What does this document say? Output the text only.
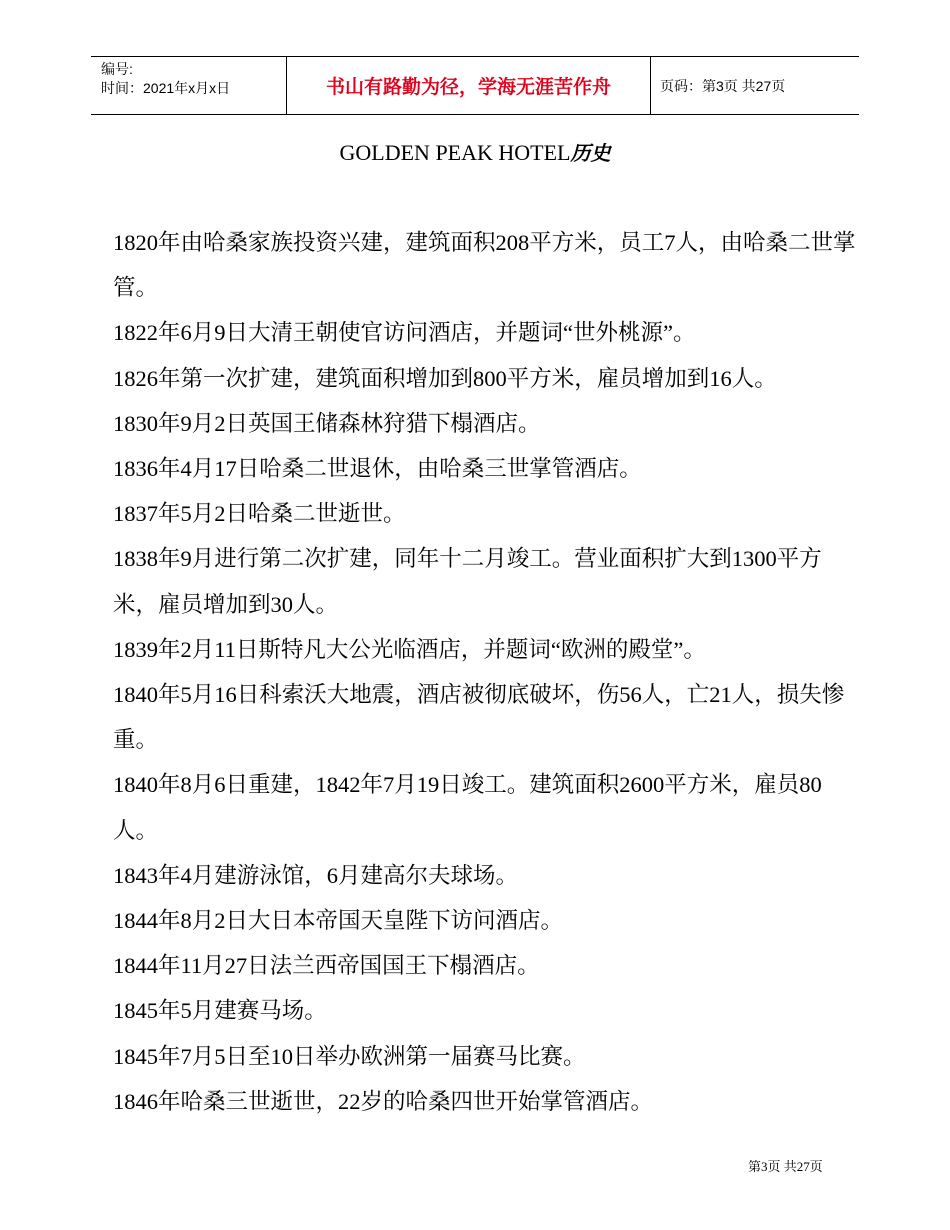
编号:
时间：2021年x月x日	书山有路勤为径，学海无涯苦作舟	页码：第3页 共27页
GOLDEN PEAK HOTEL历史

1820年由哈桑家族投资兴建，建筑面积208平方米，员工7人，由哈桑二世掌管。

1822年6月9日大清王朝使官访问酒店，并题词“世外桃源”。

1826年第一次扩建，建筑面积增加到800平方米，雇员增加到16人。

1830年9月2日英国王储森林狩猎下榻酒店。

1836年4月17日哈桑二世退休，由哈桑三世掌管酒店。

1837年5月2日哈桑二世逝世。

1838年9月进行第二次扩建，同年十二月竣工。营业面积扩大到1300平方米，雇员增加到30人。

1839年2月11日斯特凡大公光临酒店，并题词“欧洲的殿堂”。

1840年5月16日科索沃大地震，酒店被彻底破坏，伤56人，亡21人，损失惨重。

1840年8月6日重建，1842年7月19日竣工。建筑面积2600平方米，雇员80人。

1843年4月建游泳馆，6月建高尔夫球场。

1844年8月2日大日本帝国天皇陛下访问酒店。

1844年11月27日法兰西帝国国王下榻酒店。

1845年5月建赛马场。

1845年7月5日至10日举办欧洲第一届赛马比赛。

1846年哈桑三世逝世，22岁的哈桑四世开始掌管酒店。

第3页 共27页
